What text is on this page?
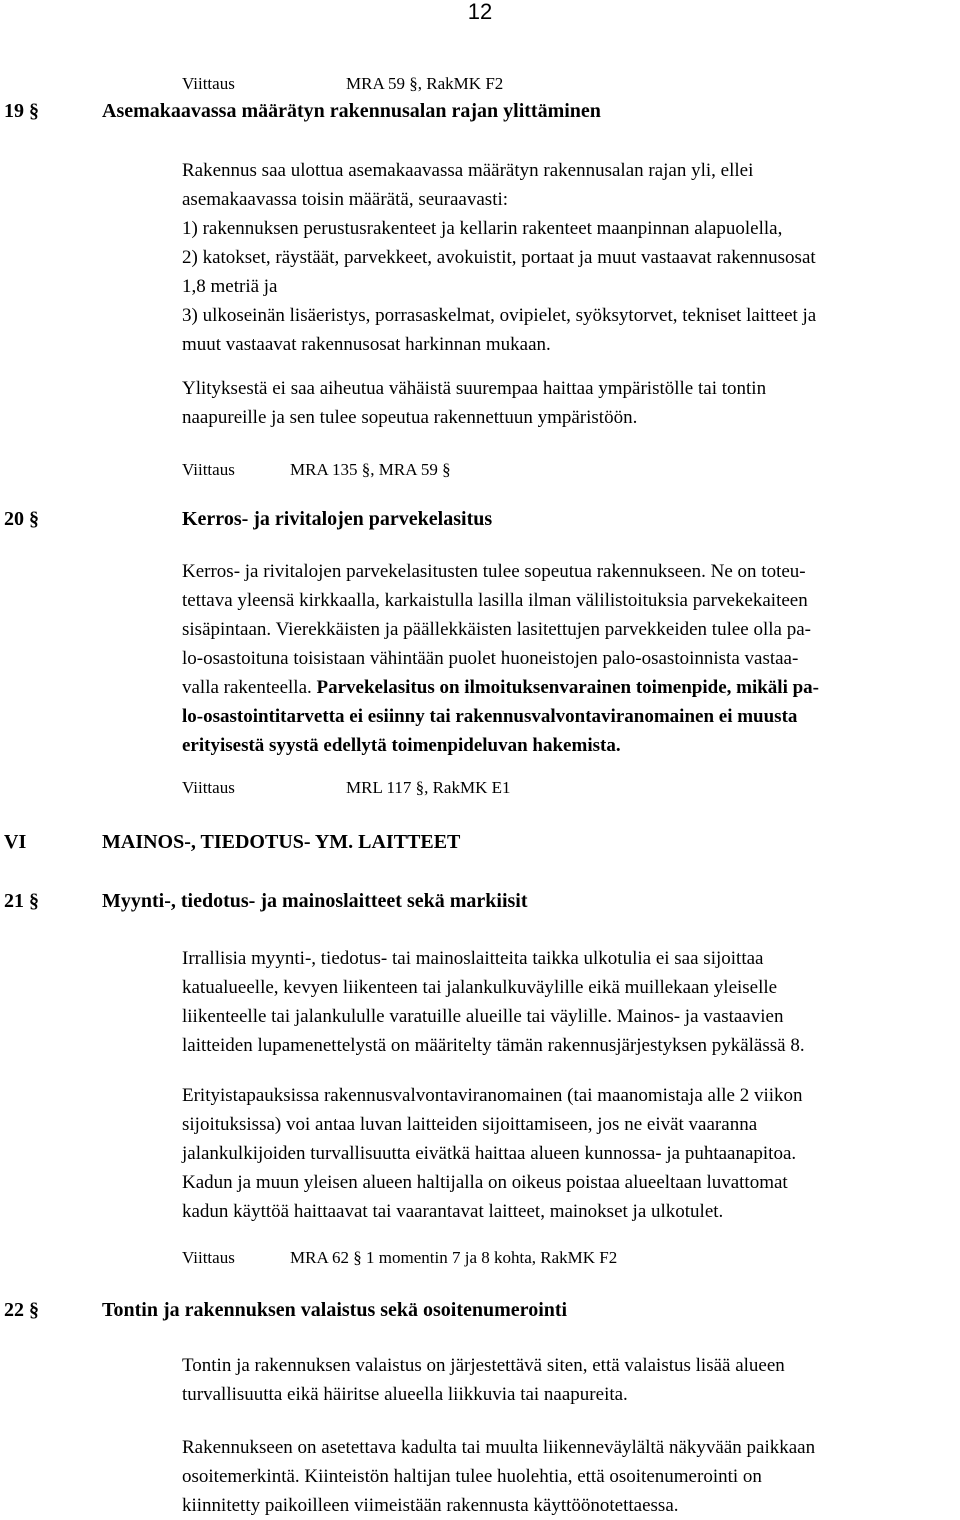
12
Viittaus	MRA 59 §, RakMK F2
19 §	Asemakaavassa määrätyn rakennusalan rajan ylittäminen
Rakennus saa ulottua asemakaavassa määrätyn rakennusalan rajan yli, ellei
asemakaavassa toisin määrätä, seuraavasti:
1) rakennuksen perustusrakenteet ja kellarin rakenteet maanpinnan alapuolella,
2) katokset, räystäät, parvekkeet, avokuistit, portaat ja muut vastaavat rakennusosat
1,8 metriä ja
3) ulkoseinän lisäeristys, porrasaskelmat, ovipielet, syöksytorvet, tekniset laitteet ja
muut vastaavat rakennusosat harkinnan mukaan.
Ylityksestä ei saa aiheutua vähäistä suurempaa haittaa ympäristölle tai tontin
naapureille ja sen tulee sopeutua rakennettuun ympäristöön.
Viittaus	MRA 135 §, MRA 59 §
20 §	Kerros- ja rivitalojen parvekelasitus
Kerros- ja rivitalojen parvekelasitusten tulee sopeutua rakennukseen. Ne on toteu-
tettava yleensä kirkkaalla, karkaistulla lasilla ilman välilistoituksia parvekekaiteen
sisäpintaan. Vierekkäisten ja päällekkäisten lasitettujen parvekkeiden tulee olla pa-
lo-osastoituna toisistaan vähintään puolet huoneistojen palo-osastoinnista vastaa-
valla rakenteella. Parvekelasitus on ilmoituksenvarainen toimenpide, mikäli pa-
lo-osastointitarvetta ei esiinny tai rakennusvalvontaviranomainen ei muusta
erityisestä syystä edellytä toimenpideluvan hakemista.
Viittaus	MRL 117 §, RakMK E1
VI	MAINOS-, TIEDOTUS- YM. LAITTEET
21 §	Myynti-, tiedotus- ja mainoslaitteet sekä markiisit
Irrallisia myynti-, tiedotus- tai mainoslaitteita taikka ulkotulia ei saa sijoittaa
katualueelle, kevyen liikenteen tai jalankulkuväylille eikä muillekaan yleiselle
liikenteelle tai jalankululle varatuille alueille tai väylille. Mainos- ja vastaavien
laitteiden lupamenettelystä on määritelty tämän rakennusjärjestyksen pykälässä 8.
Erityistapauksissa rakennusvalvontaviranomainen (tai maanomistaja alle 2 viikon
sijoituksissa) voi antaa luvan laitteiden sijoittamiseen, jos ne eivät vaaranna
jalankulkijoiden turvallisuutta eivätkä haittaa alueen kunnossa- ja puhtaanapitoa.
Kadun ja muun yleisen alueen haltijalla on oikeus poistaa alueeltaan luvattomat
kadun käyttöä haittaavat tai vaarantavat laitteet, mainokset ja ulkotulet.
Viittaus	MRA 62 § 1 momentin 7 ja 8 kohta, RakMK F2
22 §	Tontin ja rakennuksen valaistus sekä osoitenumerointi
Tontin ja rakennuksen valaistus on järjestettävä siten, että valaistus lisää alueen
turvallisuutta eikä häiritse alueella liikkuvia tai naapureita.
Rakennukseen on asetettava kadulta tai muulta liikenneväylältä näkyvään paikkaan
osoitemerkintä. Kiinteistön haltijan tulee huolehtia, että osoitenumerointi on
kiinnitetty paikoilleen viimeistään rakennusta käyttöönotettaessa.
